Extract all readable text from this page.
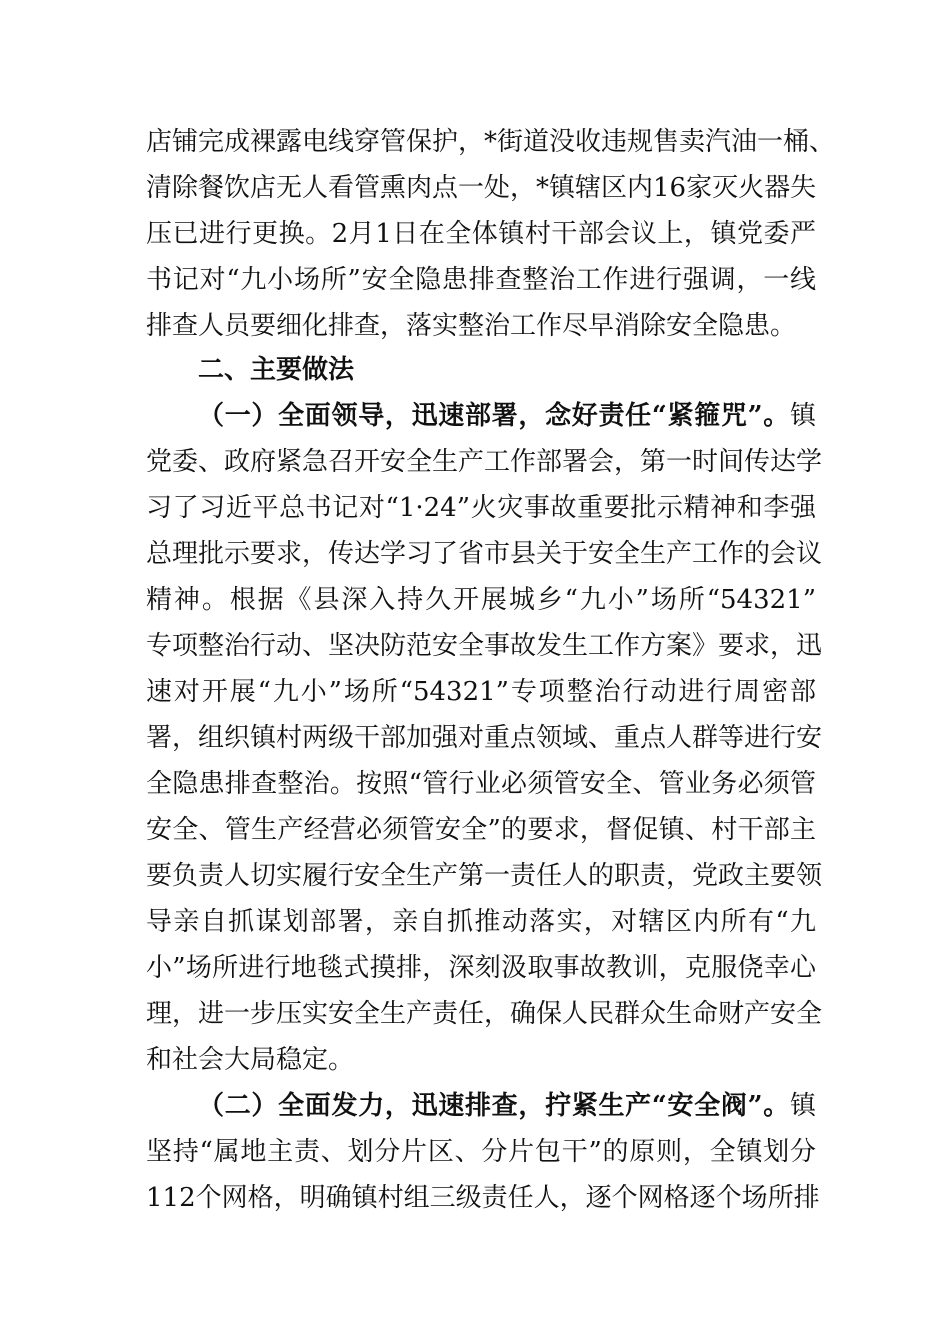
店铺完成裸露电线穿管保护，*街道没收违规售卖汽油一桶、
清除餐饮店无人看管熏肉点一处，*镇辖区内16家灭火器失
压已进行更换。2月1日在全体镇村干部会议上，镇党委严
书记对“九小场所”安全隐患排查整治工作进行强调，一线
排查人员要细化排查，落实整治工作尽早消除安全隐患。
二、主要做法
（一）全面领导，迅速部署，念好责任“紧箍咒”。镇
党委、政府紧急召开安全生产工作部署会，第一时间传达学
习了习近平总书记对“1·24”火灾事故重要批示精神和李强
总理批示要求，传达学习了省市县关于安全生产工作的会议
精神。根据《县深入持久开展城乡“九小”场所“54321”
专项整治行动、坚决防范安全事故发生工作方案》要求，迅
速对开展“九小”场所“54321”专项整治行动进行周密部
署，组织镇村两级干部加强对重点领域、重点人群等进行安
全隐患排查整治。按照“管行业必须管安全、管业务必须管
安全、管生产经营必须管安全”的要求，督促镇、村干部主
要负责人切实履行安全生产第一责任人的职责，党政主要领
导亲自抓谋划部署，亲自抓推动落实，对辖区内所有“九
小”场所进行地毯式摸排，深刻汲取事故教训，克服侥幸心
理，进一步压实安全生产责任，确保人民群众生命财产安全
和社会大局稳定。
（二）全面发力，迅速排查，拧紧生产“安全阀”。镇
坚持“属地主责、划分片区、分片包干”的原则，全镇划分
112个网格，明确镇村组三级责任人，逐个网格逐个场所排
